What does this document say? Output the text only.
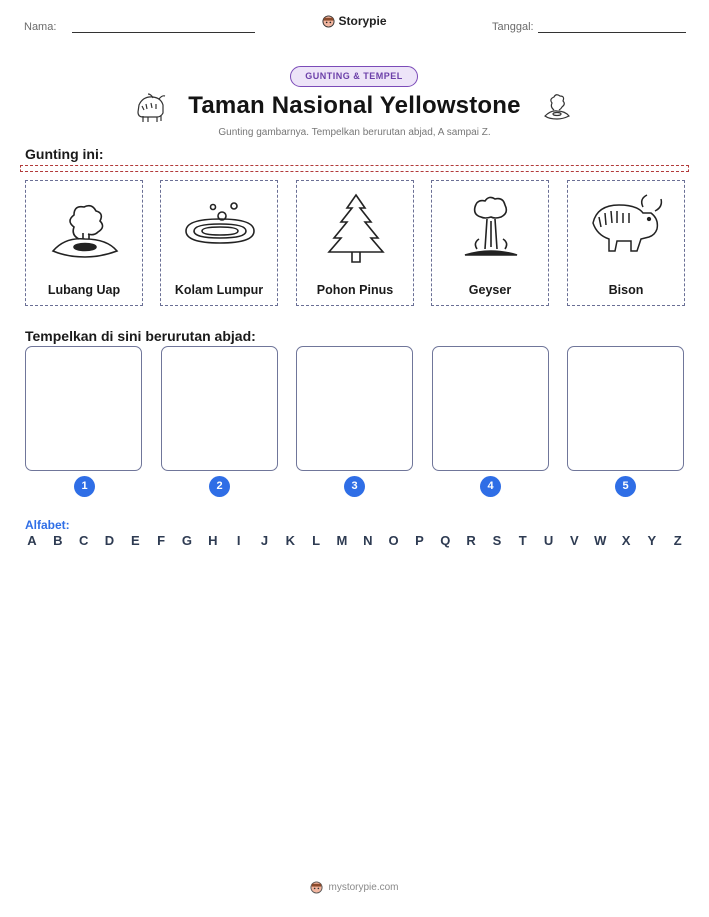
Nama:	Storypie	Tanggal:
GUNTING & TEMPEL
Taman Nasional Yellowstone
Gunting gambarnya. Tempelkan berurutan abjad, A sampai Z.
Gunting ini:
Lubang Uap	Kolam Lumpur	Pohon Pinus	Geyser	Bison
Tempelkan di sini berurutan abjad:
1	2	3	4	5
Alfabet:
A B C D E F G H	I	J K L M N O P Q R S T U V W X Y Z
mystorypie.com
